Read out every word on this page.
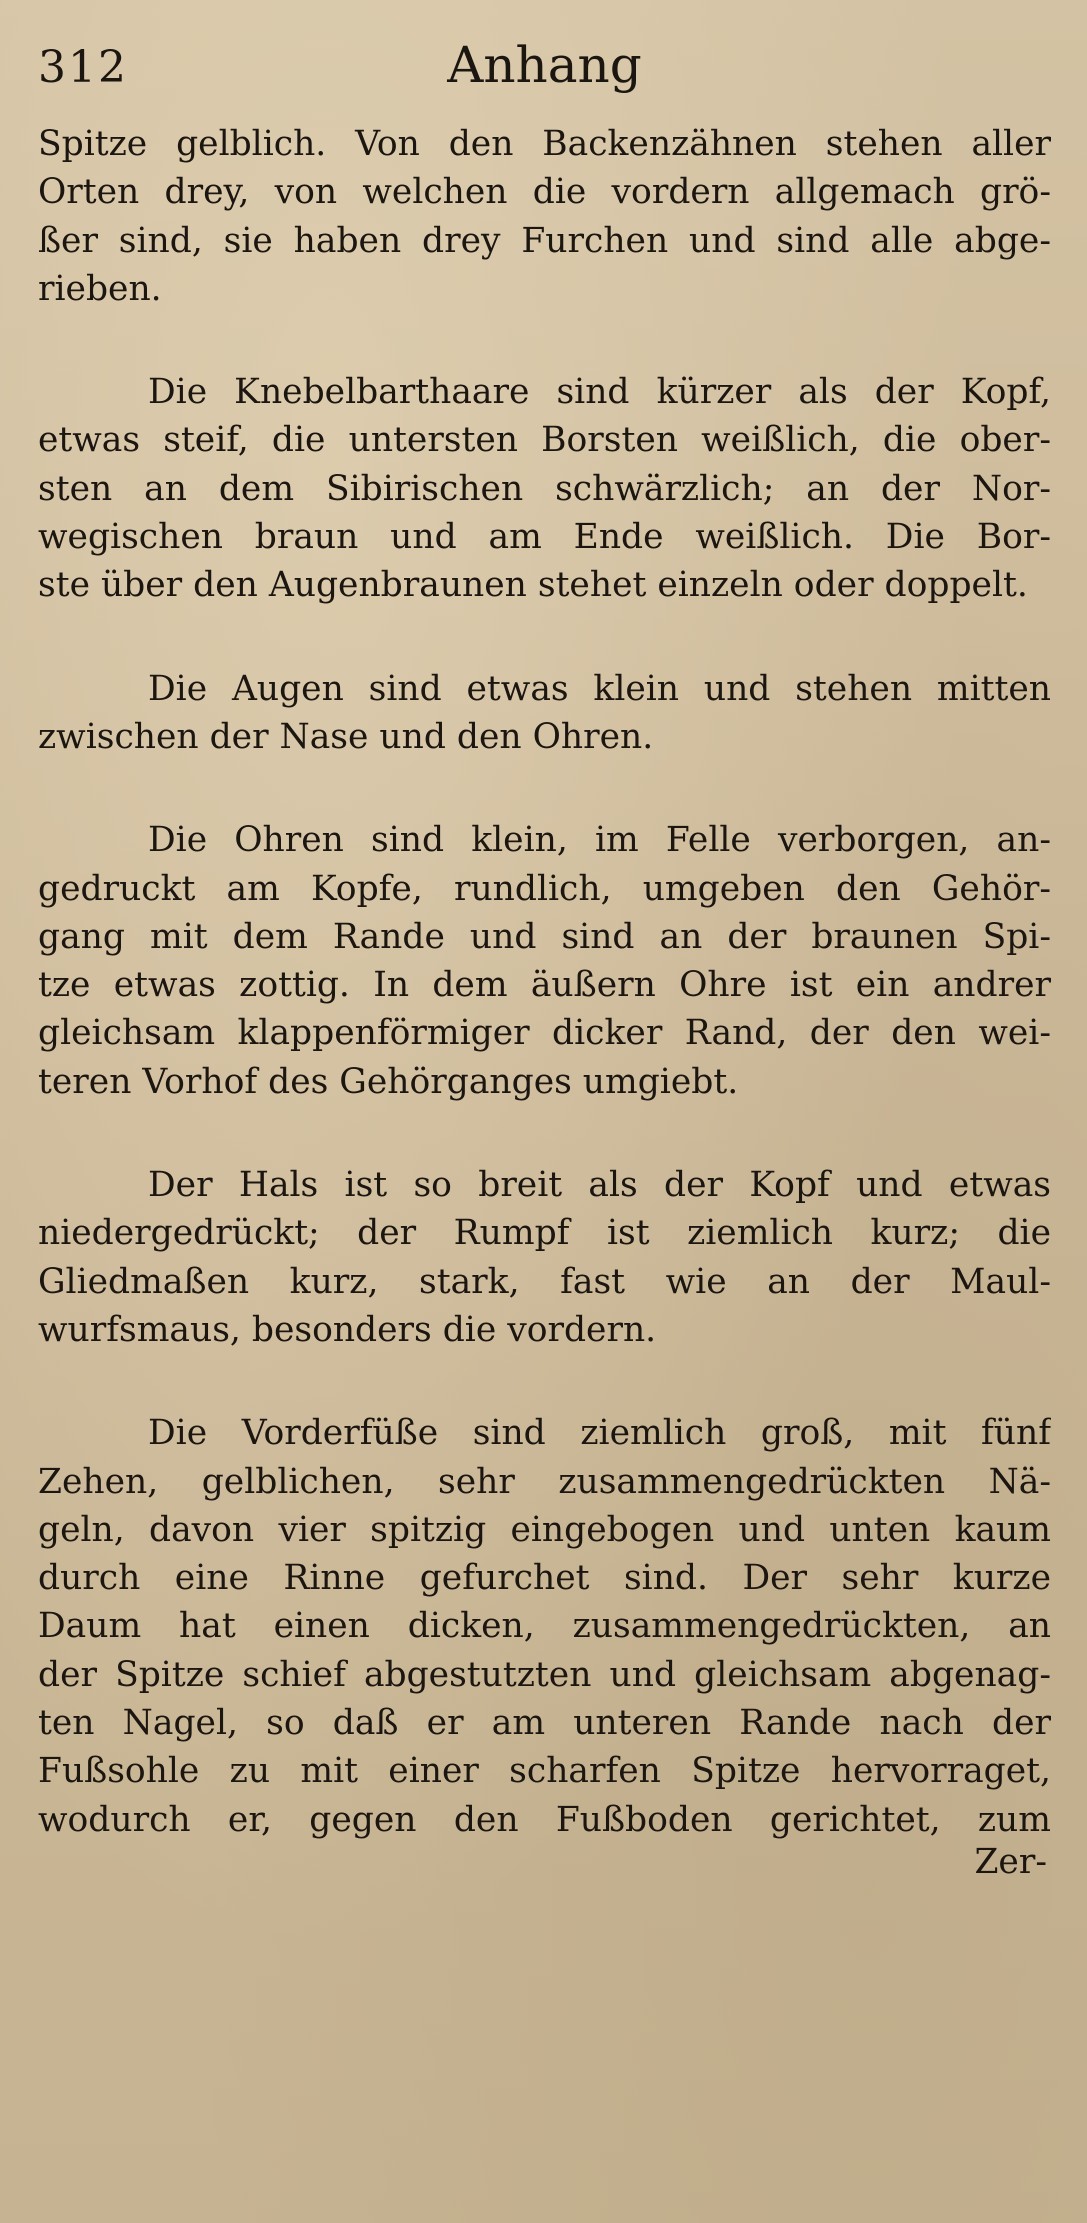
312	Anhang
Spitze gelblich. Von den Backenzähnen stehen aller
Orten drey, von welchen die vordern allgemach grö-
ßer sind, sie haben drey Furchen und sind alle abge-
rieben.
Die Knebelbarthaare sind kürzer als der Kopf,
etwas steif, die untersten Borsten weißlich, die ober-
sten an dem Sibirischen schwärzlich; an der Nor-
wegischen braun und am Ende weißlich. Die Bor-
ste über den Augenbraunen stehet einzeln oder doppelt.
Die Augen sind etwas klein und stehen mitten
zwischen der Nase und den Ohren.
Die Ohren sind klein, im Felle verborgen, an-
gedruckt am Kopfe, rundlich, umgeben den Gehör-
gang mit dem Rande und sind an der braunen Spi-
tze etwas zottig. In dem äußern Ohre ist ein andrer
gleichsam klappenförmiger dicker Rand, der den wei-
teren Vorhof des Gehörganges umgiebt.
Der Hals ist so breit als der Kopf und etwas
niedergedrückt; der Rumpf ist ziemlich kurz; die
Gliedmaßen kurz, stark, fast wie an der Maul-
wurfsmaus, besonders die vordern.
Die Vorderfüße sind ziemlich groß, mit fünf
Zehen, gelblichen, sehr zusammengedrückten Nä-
geln, davon vier spitzig eingebogen und unten kaum
durch eine Rinne gefurchet sind. Der sehr kurze
Daum hat einen dicken, zusammengedrückten, an
der Spitze schief abgestutzten und gleichsam abgenag-
ten Nagel, so daß er am unteren Rande nach der
Fußsohle zu mit einer scharfen Spitze hervorraget,
wodurch er, gegen den Fußboden gerichtet, zum
Zer-
